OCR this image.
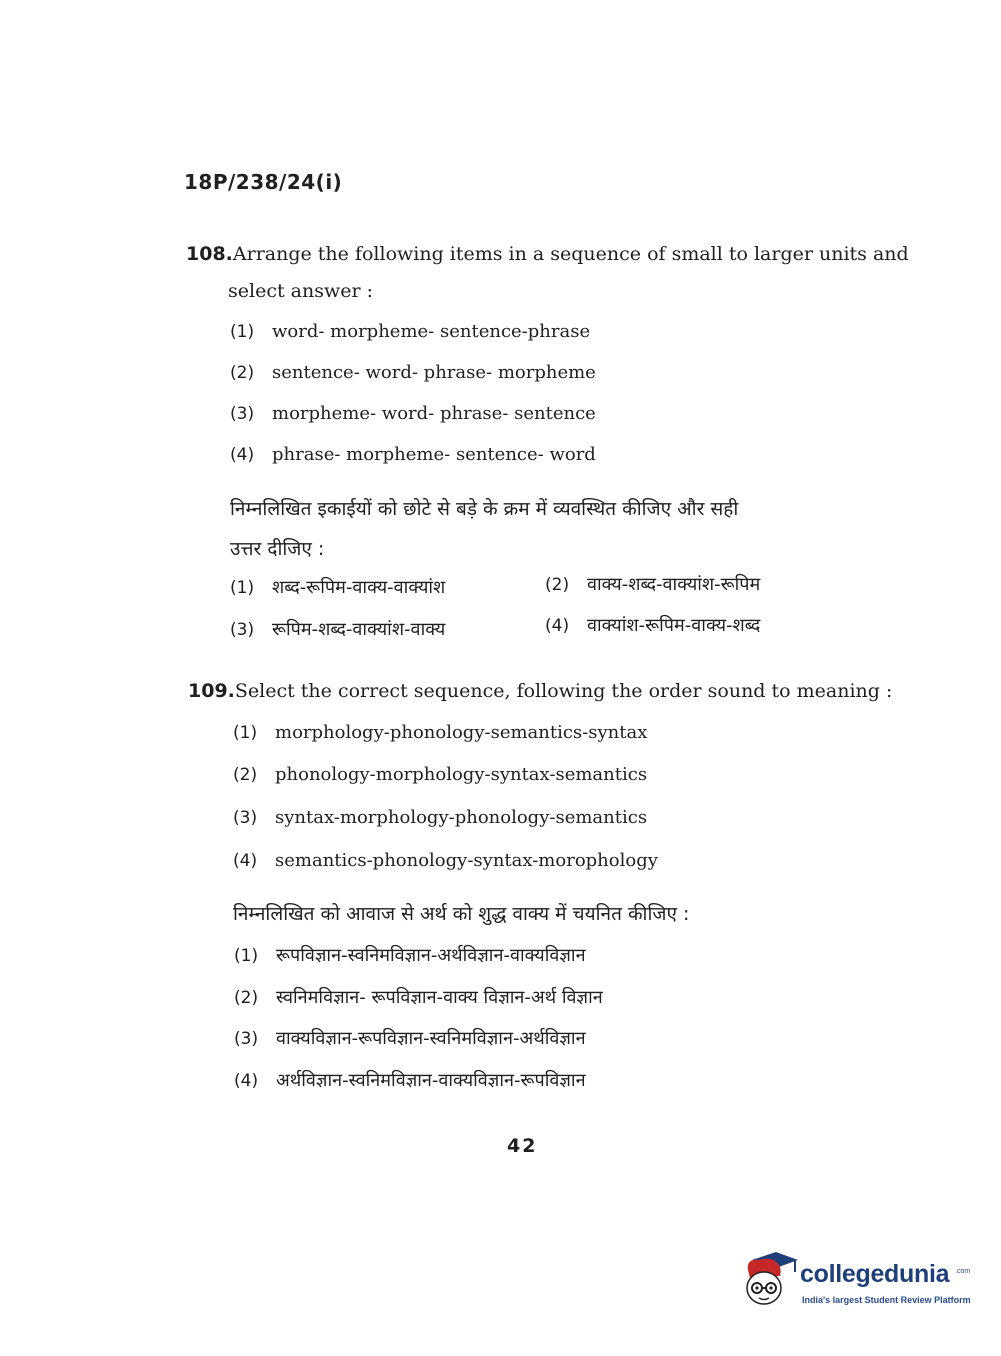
18P/238/24(i)
108.Arrange the following items in a sequence of small to larger units and
select answer :
(1) word- morpheme- sentence-phrase
(2) sentence- word- phrase- morpheme
(3) morpheme- word- phrase- sentence
(4) phrase- morpheme- sentence- word
निम्नलिखित इकाईयों को छोटे से बड़े के क्रम में व्यवस्थित कीजिए और सही
उत्तर दीजिए :
(1) शब्द-रूपिम-वाक्य-वाक्यांश	(2) वाक्य-शब्द-वाक्यांश-रूपिम
(3) रूपिम-शब्द-वाक्यांश-वाक्य	(4) वाक्यांश-रूपिम-वाक्य-शब्द
109.Select the correct sequence, following the order sound to meaning :
(1) morphology-phonology-semantics-syntax
(2) phonology-morphology-syntax-semantics
(3) syntax-morphology-phonology-semantics
(4) semantics-phonology-syntax-morophology
निम्नलिखित को आवाज से अर्थ को शुद्ध वाक्य में चयनित कीजिए :
(1) रूपविज्ञान-स्वनिमविज्ञान-अर्थविज्ञान-वाक्यविज्ञान
(2) स्वनिमविज्ञान- रूपविज्ञान-वाक्य विज्ञान-अर्थ विज्ञान
(3) वाक्यविज्ञान-रूपविज्ञान-स्वनिमविज्ञान-अर्थविज्ञान
(4) अर्थविज्ञान-स्वनिमविज्ञान-वाक्यविज्ञान-रूपविज्ञान
42
collegedunia .com
India's largest Student Review Platform
